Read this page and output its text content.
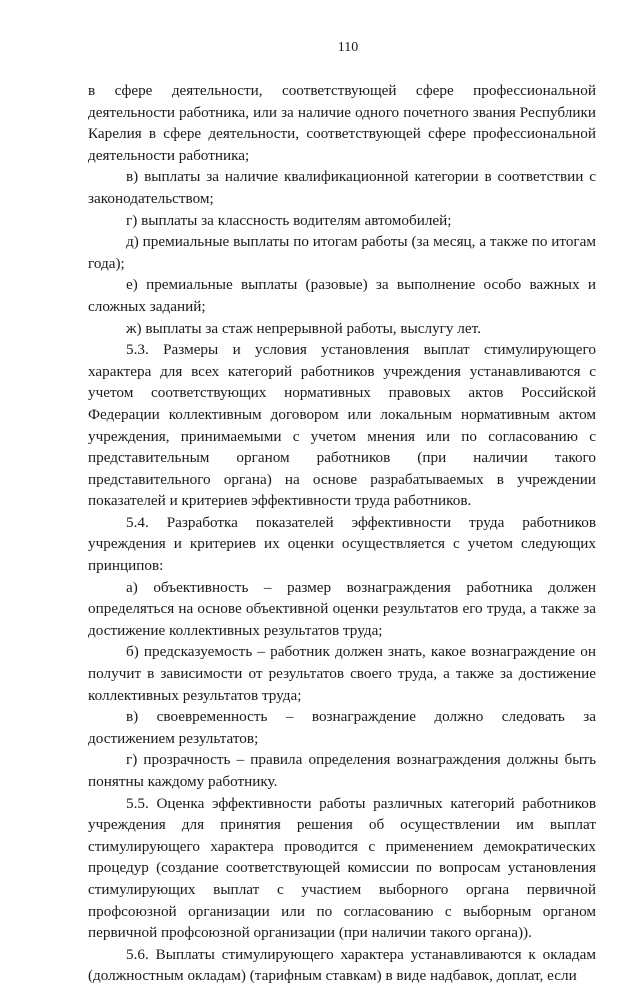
110

в сфере деятельности, соответствующей сфере профессиональной деятельности работника, или за наличие одного почетного звания Республики Карелия в сфере деятельности, соответствующей сфере профессиональной деятельности работника;

в) выплаты за наличие квалификационной категории в соответствии с законодательством;

г) выплаты за классность водителям автомобилей;

д) премиальные выплаты по итогам работы (за месяц, а также по итогам года);

е) премиальные выплаты (разовые) за выполнение особо важных и сложных заданий;

ж) выплаты за стаж непрерывной работы, выслугу лет.

5.3. Размеры и условия установления выплат стимулирующего характера для всех категорий работников учреждения устанавливаются с учетом соответствующих нормативных правовых актов Российской Федерации коллективным договором или локальным нормативным актом учреждения, принимаемыми с учетом мнения или по согласованию с представительным органом работников (при наличии такого представительного органа) на основе разрабатываемых в учреждении показателей и критериев эффективности труда работников.

5.4. Разработка показателей эффективности труда работников учреждения и критериев их оценки осуществляется с учетом следующих принципов:

а) объективность – размер вознаграждения работника должен определяться на основе объективной оценки результатов его труда, а также за достижение коллективных результатов труда;

б) предсказуемость – работник должен знать, какое вознаграждение он получит в зависимости от результатов своего труда, а также за достижение коллективных результатов труда;

в) своевременность – вознаграждение должно следовать за достижением результатов;

г) прозрачность – правила определения вознаграждения должны быть понятны каждому работнику.

5.5. Оценка эффективности работы различных категорий работников учреждения для принятия решения об осуществлении им выплат стимулирующего характера проводится с применением демократических процедур (создание соответствующей комиссии по вопросам установления стимулирующих выплат с участием выборного органа первичной профсоюзной организации или по согласованию с выборным органом первичной профсоюзной организации (при наличии такого органа)).

5.6. Выплаты стимулирующего характера устанавливаются к окладам (должностным окладам) (тарифным ставкам) в виде надбавок, доплат, если
